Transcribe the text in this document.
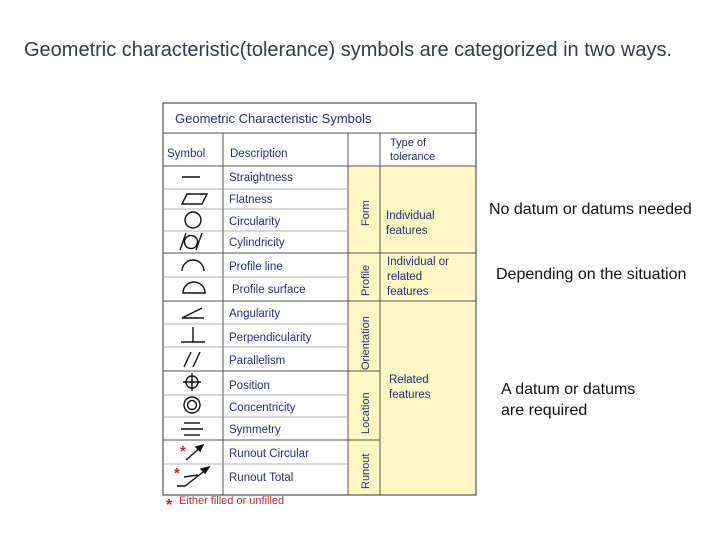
Geometric characteristic(tolerance) symbols are categorized in two ways.
Geometric Characteristic Symbols
Symbol Description
Type of
tolerance
Straightness
Flatness
Circularity
Cylindricity
Profile line
Profile surface
Angularity
Perpendicularity
Parallelism
Position
Concentricity
Symmetry
Runout Circular
Runout Total
Form
Profile
Orientation
Location
Runout
Individual
features
Individual or
related
features
Related
features
*
*
* Either filled or unfilled
No datum or datums needed
Depending on the situation
A datum or datums
are required
